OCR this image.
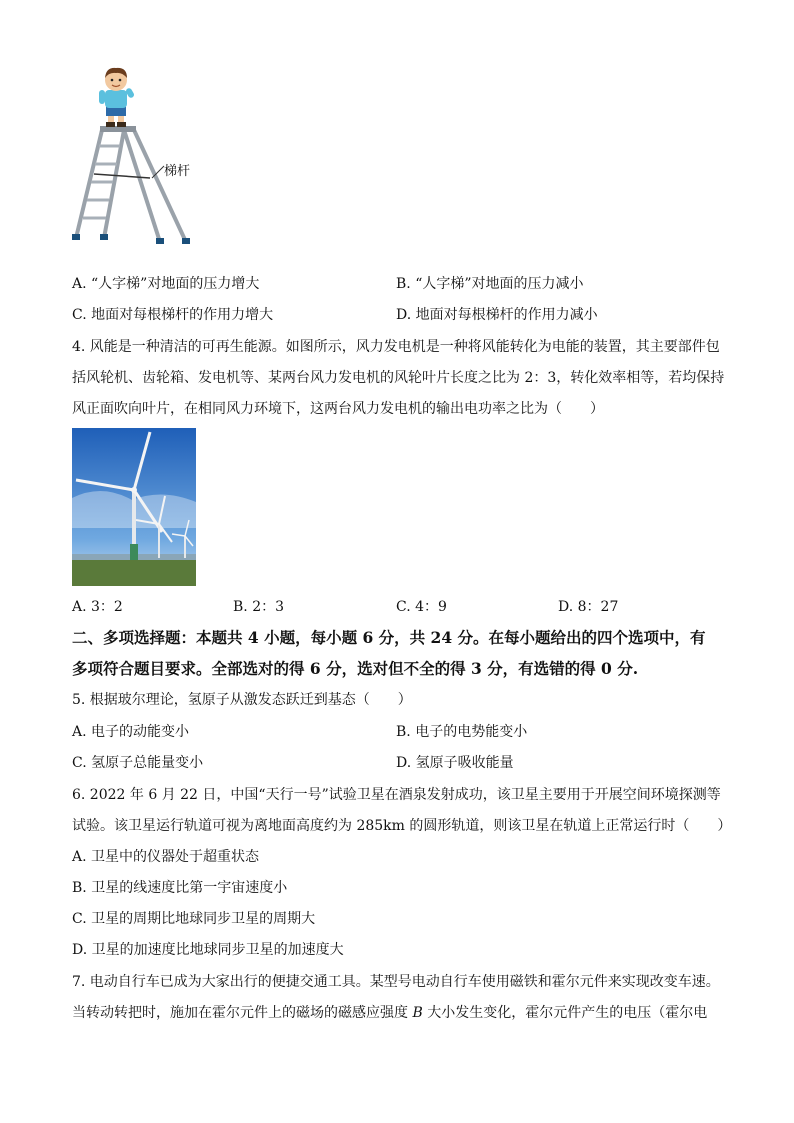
梯杆
A. “人字梯”对地面的压力增大	B. “人字梯”对地面的压力减小
C. 地面对每根梯杆的作用力增大	D. 地面对每根梯杆的作用力减小
4. 风能是一种清洁的可再生能源。如图所示，风力发电机是一种将风能转化为电能的装置，其主要部件包
括风轮机、齿轮箱、发电机等、某两台风力发电机的风轮叶片长度之比为 2：3，转化效率相等，若均保持
风正面吹向叶片，在相同风力环境下，这两台风力发电机的输出电功率之比为（　　）
A. 3：2	B. 2：3	C. 4：9	D. 8：27
二、多项选择题：本题共 4 小题，每小题 6 分，共 24 分。在每小题给出的四个选项中，有
多项符合题目要求。全部选对的得 6 分，选对但不全的得 3 分，有选错的得 0 分.
5. 根据玻尔理论，氢原子从激发态跃迁到基态（　　）
A. 电子的动能变小	B. 电子的电势能变小
C. 氢原子总能量变小	D. 氢原子吸收能量
6. 2022 年 6 月 22 日，中国“天行一号”试验卫星在酒泉发射成功，该卫星主要用于开展空间环境探测等
试验。该卫星运行轨道可视为离地面高度约为 285km 的圆形轨道，则该卫星在轨道上正常运行时（　　）
A. 卫星中的仪器处于超重状态
B. 卫星的线速度比第一宇宙速度小
C. 卫星的周期比地球同步卫星的周期大
D. 卫星的加速度比地球同步卫星的加速度大
7. 电动自行车已成为大家出行的便捷交通工具。某型号电动自行车使用磁铁和霍尔元件来实现改变车速。
当转动转把时，施加在霍尔元件上的磁场的磁感应强度 B 大小发生变化，霍尔元件产生的电压（霍尔电
